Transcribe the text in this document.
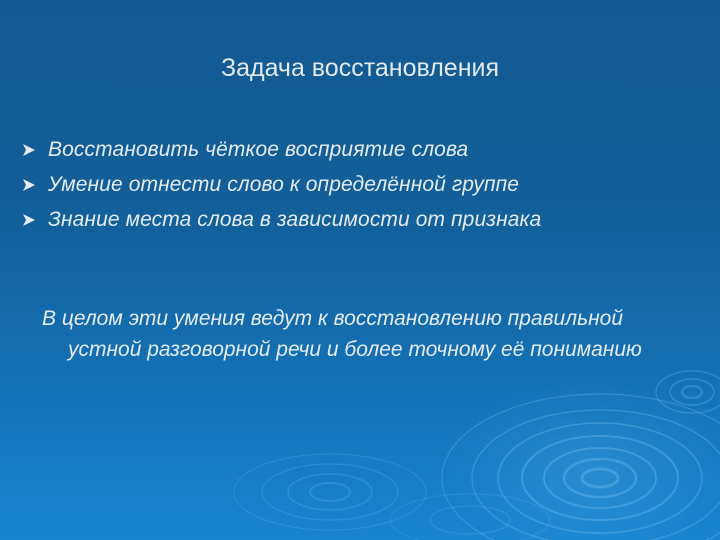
Задача восстановления
Восстановить чёткое восприятие слова
Умение отнести слово к определённой группе
Знание места слова в зависимости от признака

В целом эти умения ведут к восстановлению правильной устной разговорной речи и более точному её пониманию
